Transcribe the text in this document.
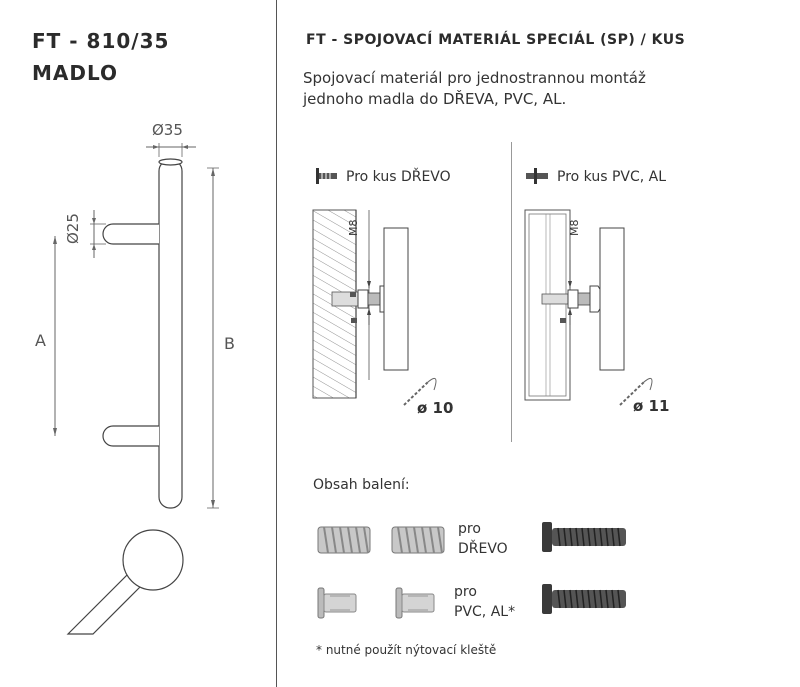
FT - 810/35
MADLO
Ø35
Ø25
A	B
FT - SPOJOVACÍ MATERIÁL SPECIÁL (SP) / KUS
Spojovací materiál pro jednostrannou montáž
jednoho madla do DŘEVA, PVC, AL.
Pro kus DŘEVO	Pro kus PVC, AL
M8
ø 10
M8
ø 11
Obsah balení:
pro
DŘEVO
pro
PVC, AL*
* nutné použít nýtovací kleště
